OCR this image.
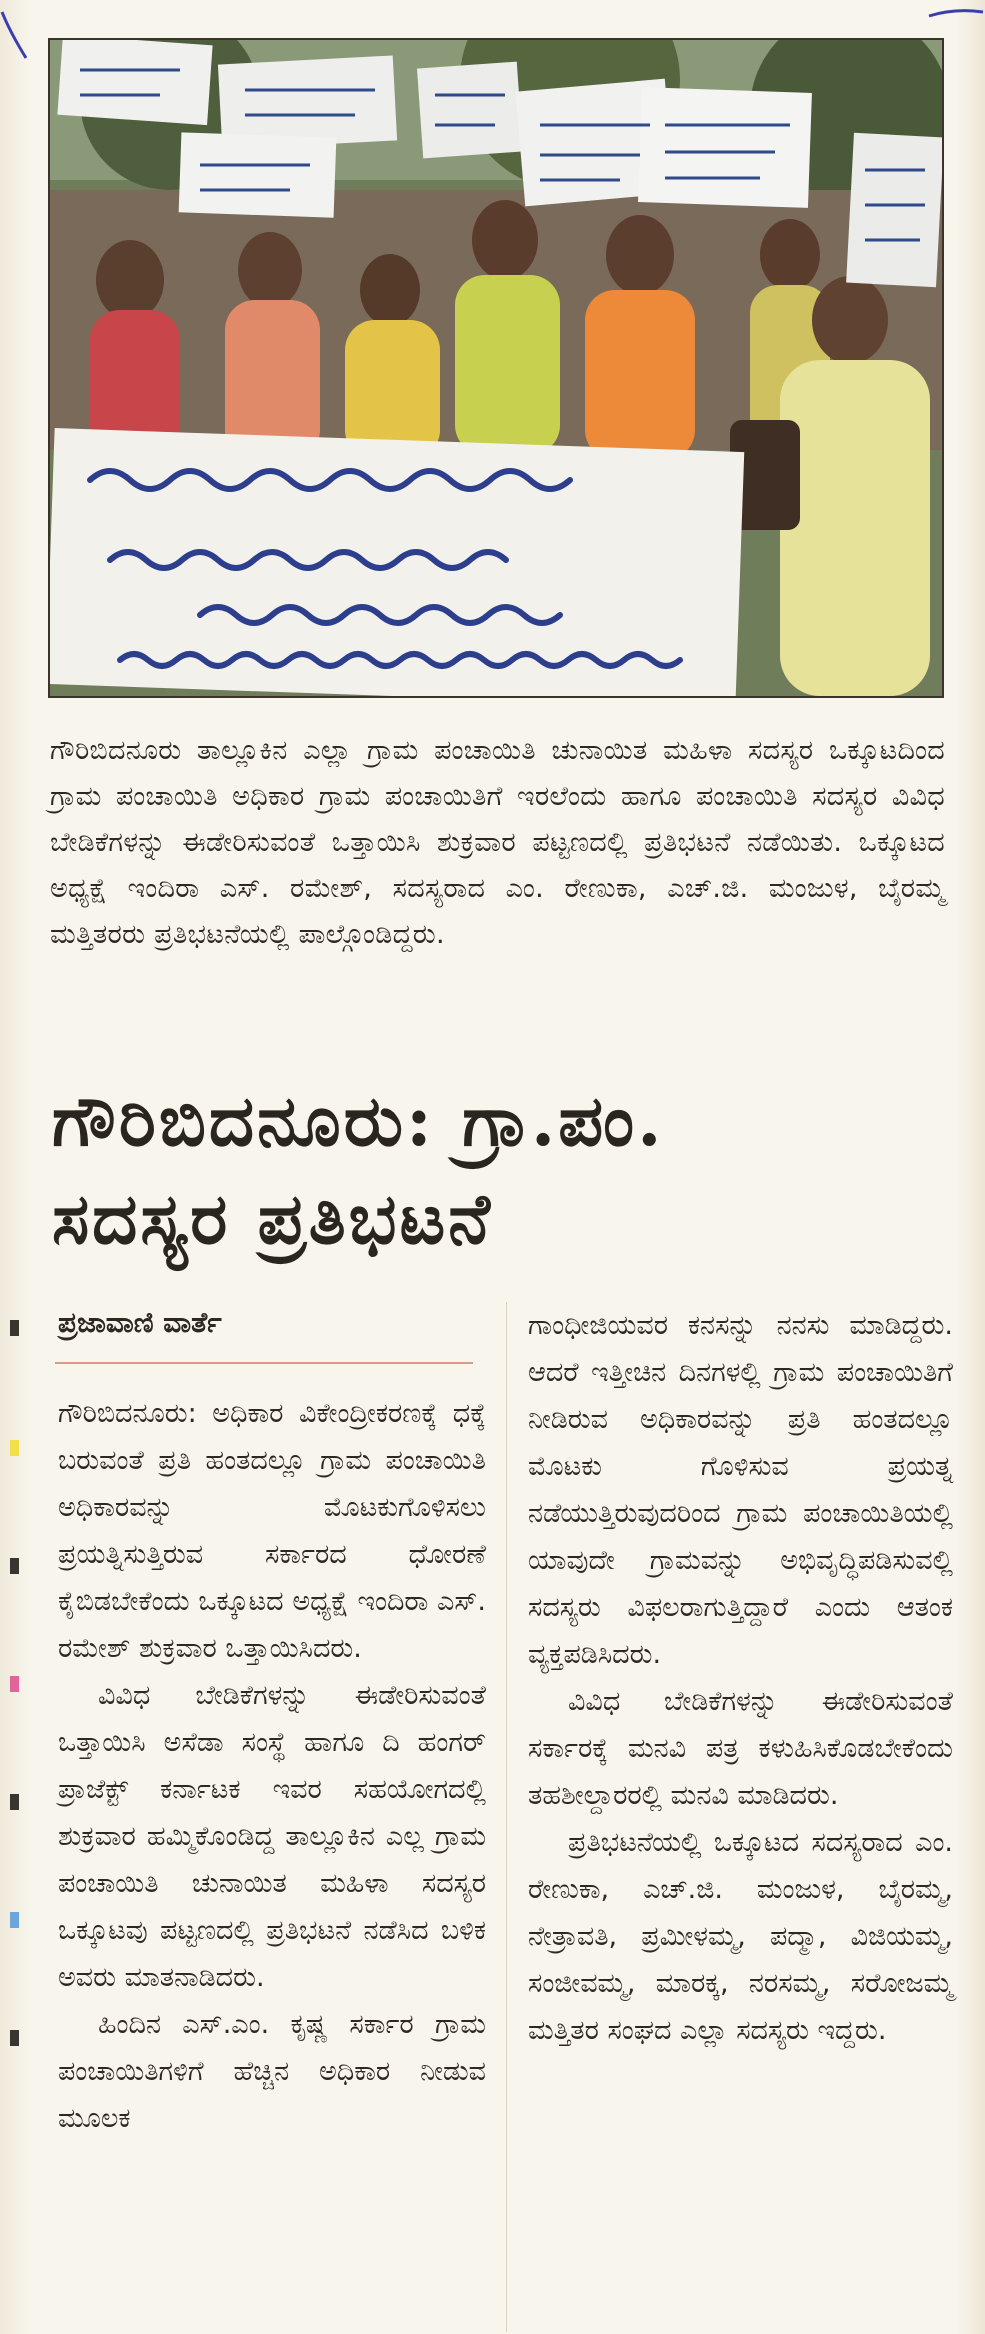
ಗೌರಿಬಿದನೂರು ತಾಲ್ಲೂಕಿನ ಎಲ್ಲಾ ಗ್ರಾಮ ಪಂಚಾಯಿತಿ ಚುನಾಯಿತ ಮಹಿಳಾ ಸದಸ್ಯರ ಒಕ್ಕೂಟದಿಂದ ಗ್ರಾಮ ಪಂಚಾಯಿತಿ ಅಧಿಕಾರ ಗ್ರಾಮ ಪಂಚಾಯಿತಿಗೆ ಇರಲೆಂದು ಹಾಗೂ ಪಂಚಾಯಿತಿ ಸದಸ್ಯರ ವಿವಿಧ ಬೇಡಿಕೆಗಳನ್ನು ಈಡೇರಿಸುವಂತೆ ಒತ್ತಾಯಿಸಿ ಶುಕ್ರವಾರ ಪಟ್ಟಣದಲ್ಲಿ ಪ್ರತಿಭಟನೆ ನಡೆಯಿತು. ಒಕ್ಕೂಟದ ಅಧ್ಯಕ್ಷೆ ಇಂದಿರಾ ಎಸ್. ರಮೇಶ್, ಸದಸ್ಯರಾದ ಎಂ. ರೇಣುಕಾ, ಎಚ್.ಜಿ. ಮಂಜುಳ, ಬೈರಮ್ಮ ಮತ್ತಿತರರು ಪ್ರತಿಭಟನೆಯಲ್ಲಿ ಪಾಲ್ಗೊಂಡಿದ್ದರು.
ಗೌರಿಬಿದನೂರು: ಗ್ರಾ.ಪಂ.
ಸದಸ್ಯರ ಪ್ರತಿಭಟನೆ
ಪ್ರಜಾವಾಣಿ ವಾರ್ತೆ

ಗೌರಿಬಿದನೂರು: ಅಧಿಕಾರ ವಿಕೇಂದ್ರೀಕರಣಕ್ಕೆ ಧಕ್ಕೆ ಬರುವಂತೆ ಪ್ರತಿ ಹಂತದಲ್ಲೂ ಗ್ರಾಮ ಪಂಚಾಯಿತಿ ಅಧಿಕಾರವನ್ನು ಮೊಟಕುಗೊಳಿಸಲು ಪ್ರಯತ್ನಿಸುತ್ತಿರುವ ಸರ್ಕಾರದ ಧೋರಣೆ ಕೈಬಿಡಬೇಕೆಂದು ಒಕ್ಕೂಟದ ಅಧ್ಯಕ್ಷೆ ಇಂದಿರಾ ಎಸ್. ರಮೇಶ್ ಶುಕ್ರವಾರ ಒತ್ತಾಯಿಸಿದರು.

ವಿವಿಧ ಬೇಡಿಕೆಗಳನ್ನು ಈಡೇರಿಸುವಂತೆ ಒತ್ತಾಯಿಸಿ ಅಸೆಡಾ ಸಂಸ್ಥೆ ಹಾಗೂ ದಿ ಹಂಗರ್ ಪ್ರಾಜೆಕ್ಟ್ ಕರ್ನಾಟಕ ಇವರ ಸಹಯೋಗದಲ್ಲಿ ಶುಕ್ರವಾರ ಹಮ್ಮಿಕೊಂಡಿದ್ದ ತಾಲ್ಲೂಕಿನ ಎಲ್ಲ ಗ್ರಾಮ ಪಂಚಾಯಿತಿ ಚುನಾಯಿತ ಮಹಿಳಾ ಸದಸ್ಯರ ಒಕ್ಕೂಟವು ಪಟ್ಟಣದಲ್ಲಿ ಪ್ರತಿಭಟನೆ ನಡೆಸಿದ ಬಳಿಕ ಅವರು ಮಾತನಾಡಿದರು.

ಹಿಂದಿನ ಎಸ್.ಎಂ. ಕೃಷ್ಣ ಸರ್ಕಾರ ಗ್ರಾಮ ಪಂಚಾಯಿತಿಗಳಿಗೆ ಹೆಚ್ಚಿನ ಅಧಿಕಾರ ನೀಡುವ ಮೂಲಕ

ಗಾಂಧೀಜಿಯವರ ಕನಸನ್ನು ನನಸು ಮಾಡಿದ್ದರು. ಆದರೆ ಇತ್ತೀಚಿನ ದಿನಗಳಲ್ಲಿ ಗ್ರಾಮ ಪಂಚಾಯಿತಿಗೆ ನೀಡಿರುವ ಅಧಿಕಾರವನ್ನು ಪ್ರತಿ ಹಂತದಲ್ಲೂ ಮೊಟಕು ಗೊಳಿಸುವ ಪ್ರಯತ್ನ ನಡೆಯುತ್ತಿರುವುದರಿಂದ ಗ್ರಾಮ ಪಂಚಾಯಿತಿಯಲ್ಲಿ ಯಾವುದೇ ಗ್ರಾಮವನ್ನು ಅಭಿವೃದ್ಧಿಪಡಿಸುವಲ್ಲಿ ಸದಸ್ಯರು ವಿಫಲರಾಗುತ್ತಿದ್ದಾರೆ ಎಂದು ಆತಂಕ ವ್ಯಕ್ತಪಡಿಸಿದರು.

ವಿವಿಧ ಬೇಡಿಕೆಗಳನ್ನು ಈಡೇರಿಸುವಂತೆ ಸರ್ಕಾರಕ್ಕೆ ಮನವಿ ಪತ್ರ ಕಳುಹಿಸಿಕೊಡಬೇಕೆಂದು ತಹಶೀಲ್ದಾರರಲ್ಲಿ ಮನವಿ ಮಾಡಿದರು.

ಪ್ರತಿಭಟನೆಯಲ್ಲಿ ಒಕ್ಕೂಟದ ಸದಸ್ಯರಾದ ಎಂ. ರೇಣುಕಾ, ಎಚ್.ಜಿ. ಮಂಜುಳ, ಬೈರಮ್ಮ, ನೇತ್ರಾವತಿ, ಪ್ರಮೀಳಮ್ಮ, ಪದ್ಮಾ, ವಿಜಿಯಮ್ಮ, ಸಂಜೀವಮ್ಮ, ಮಾರಕ್ಕ, ನರಸಮ್ಮ, ಸರೋಜಮ್ಮ ಮತ್ತಿತರ ಸಂಘದ ಎಲ್ಲಾ ಸದಸ್ಯರು ಇದ್ದರು.
